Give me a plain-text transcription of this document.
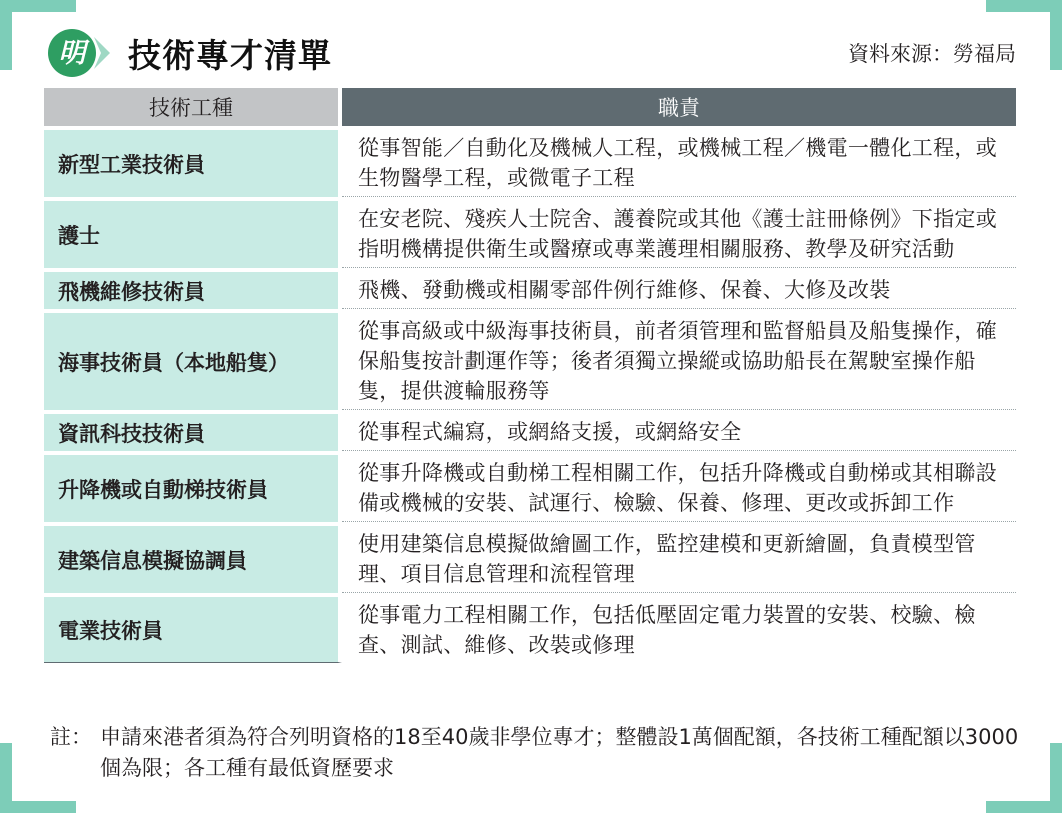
明 技術專才清單	資料來源：勞福局
技術工種	職責
新型工業技術員	從事智能／自動化及機械人工程，或機械工程／機電一體化工程，或生物醫學工程，或微電子工程
護士	在安老院、殘疾人士院舍、護養院或其他《護士註冊條例》下指定或指明機構提供衛生或醫療或專業護理相關服務、教學及研究活動
飛機維修技術員	飛機、發動機或相關零部件例行維修、保養、大修及改裝
海事技術員（本地船隻）	從事高級或中級海事技術員，前者須管理和監督船員及船隻操作，確保船隻按計劃運作等；後者須獨立操縱或協助船長在駕駛室操作船隻，提供渡輪服務等
資訊科技技術員	從事程式編寫，或網絡支援，或網絡安全
升降機或自動梯技術員	從事升降機或自動梯工程相關工作，包括升降機或自動梯或其相聯設備或機械的安裝、試運行、檢驗、保養、修理、更改或拆卸工作
建築信息模擬協調員	使用建築信息模擬做繪圖工作，監控建模和更新繪圖，負責模型管理、項目信息管理和流程管理
電業技術員	從事電力工程相關工作，包括低壓固定電力裝置的安裝、校驗、檢查、測試、維修、改裝或修理
註： 申請來港者須為符合列明資格的18至40歲非學位專才；整體設1萬個配額，各技術工種配額以3000個為限；各工種有最低資歷要求
